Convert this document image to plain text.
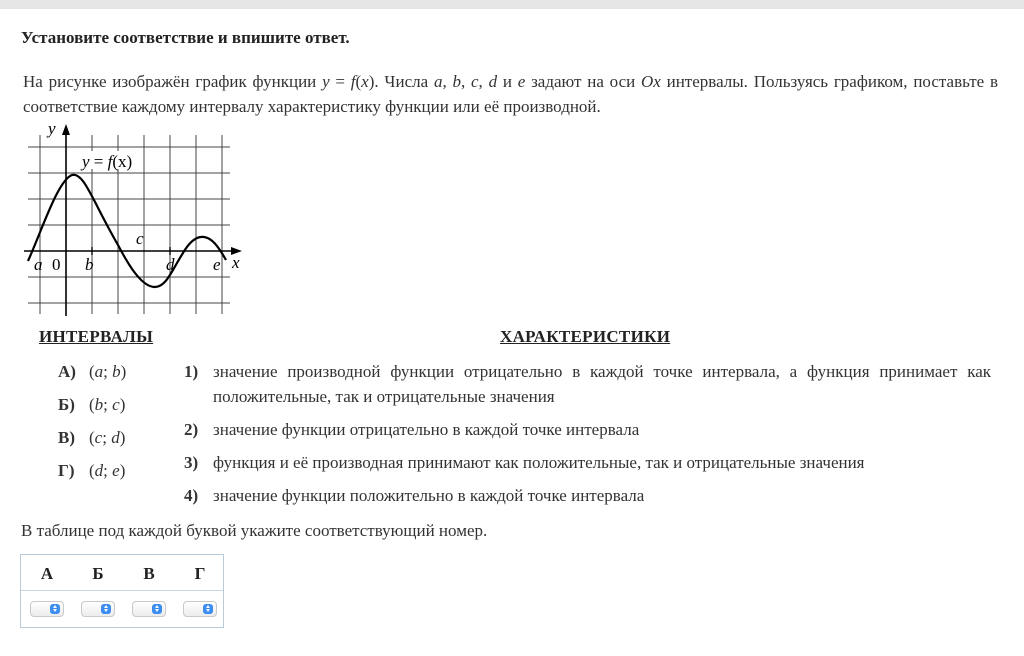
Установите соответствие и впишите ответ.
На рисунке изображён график функции y = f(x). Числа a, b, c, d и e задают на оси Ox интервалы. Пользуясь графиком, поставьте в соответствие каждому интервалу характеристику функции или её производной.
y
x
y = f(x)
a 0 b
c
d e
ИНТЕРВАЛЫ	ХАРАКТЕРИСТИКИ
А) (a; b)
Б) (b; c)
В) (c; d)
Г) (d; e)
1) значение производной функции отрицательно в каждой точке интервала, а функция принимает как положительные, так и отрицательные значения
2) значение функции отрицательно в каждой точке интервала
3) функция и её производная принимают как положительные, так и отрицательные значения
4) значение функции положительно в каждой точке интервала
В таблице под каждой буквой укажите соответствующий номер.
А	Б	В	Г
